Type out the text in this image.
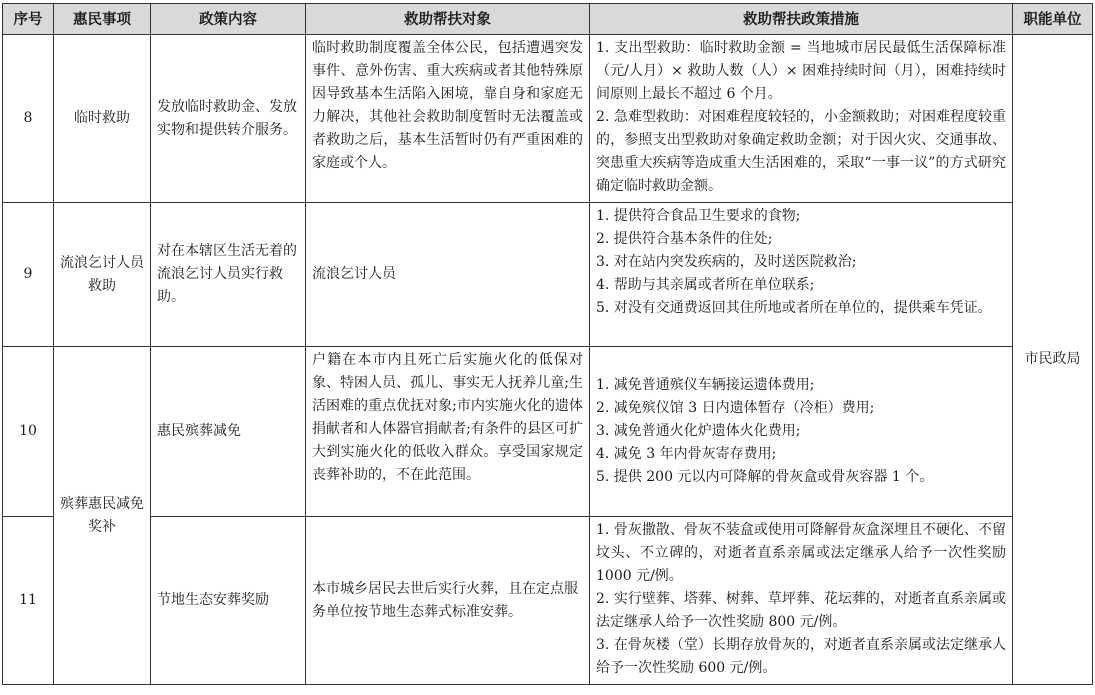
序号	惠民事项	政策内容	救助帮扶对象	救助帮扶政策措施	职能单位
8	临时救助	发放临时救助金、发放实物和提供转介服务。	临时救助制度覆盖全体公民，包括遭遇突发事件、意外伤害、重大疾病或者其他特殊原因导致基本生活陷入困境，靠自身和家庭无力解决，其他社会救助制度暂时无法覆盖或者救助之后，基本生活暂时仍有严重困难的家庭或个人。	1. 支出型救助：临时救助金额 = 当地城市居民最低生活保障标准（元/人月）× 救助人数（人）× 困难持续时间（月），困难持续时间原则上最长不超过 6 个月。
2. 急难型救助：对困难程度较轻的，小金额救助；对困难程度较重的，参照支出型救助对象确定救助金额；对于因火灾、交通事故、突患重大疾病等造成重大生活困难的，采取“一事一议”的方式研究确定临时救助金额。	市民政局
9	流浪乞讨人员救助	对在本辖区生活无着的流浪乞讨人员实行救助。	流浪乞讨人员	1. 提供符合食品卫生要求的食物;
2. 提供符合基本条件的住处;
3. 对在站内突发疾病的，及时送医院救治;
4. 帮助与其亲属或者所在单位联系;
5. 对没有交通费返回其住所地或者所在单位的，提供乘车凭证。	

10	殡葬惠民减免奖补	惠民殡葬减免	户籍在本市内且死亡后实施火化的低保对象、特困人员、孤儿、事实无人抚养儿童;生活困难的重点优抚对象;市内实施火化的遗体捐献者和人体器官捐献者;有条件的县区可扩大到实施火化的低收入群众。享受国家规定丧葬补助的，不在此范围。	1. 减免普通殡仪车辆接运遗体费用;
2. 减免殡仪馆 3 日内遗体暂存（冷柜）费用;
3. 减免普通火化炉遗体火化费用;
4. 减免 3 年内骨灰寄存费用;
5. 提供 200 元以内可降解的骨灰盒或骨灰容器 1 个。	

11		节地生态安葬奖励	本市城乡居民去世后实行火葬，且在定点服务单位按节地生态葬式标准安葬。	1. 骨灰撒散、骨灰不装盒或使用可降解骨灰盒深埋且不硬化、不留坟头、不立碑的，对逝者直系亲属或法定继承人给予一次性奖励 1000 元/例。
2. 实行壁葬、塔葬、树葬、草坪葬、花坛葬的，对逝者直系亲属或法定继承人给予一次性奖励 800 元/例。
3. 在骨灰楼（堂）长期存放骨灰的，对逝者直系亲属或法定继承人给予一次性奖励 600 元/例。	
